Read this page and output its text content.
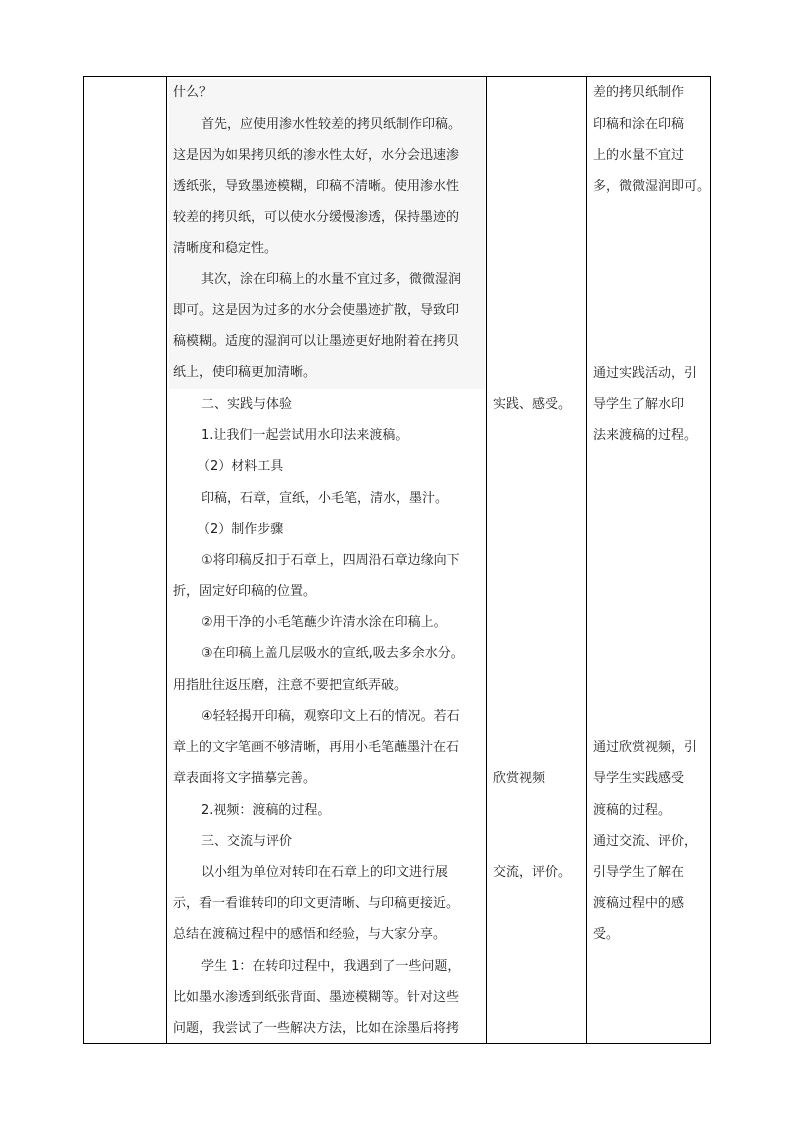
什么？
首先，应使用渗水性较差的拷贝纸制作印稿。
这是因为如果拷贝纸的渗水性太好，水分会迅速渗
透纸张，导致墨迹模糊，印稿不清晰。使用渗水性
较差的拷贝纸，可以使水分缓慢渗透，保持墨迹的
清晰度和稳定性。
其次，涂在印稿上的水量不宜过多，微微湿润
即可。这是因为过多的水分会使墨迹扩散，导致印
稿模糊。适度的湿润可以让墨迹更好地附着在拷贝
纸上，使印稿更加清晰。
二、实践与体验
1.让我们一起尝试用水印法来渡稿。
（2）材料工具
印稿，石章，宣纸，小毛笔，清水，墨汁。
（2）制作步骤
①将印稿反扣于石章上，四周沿石章边缘向下
折，固定好印稿的位置。
②用干净的小毛笔蘸少许清水涂在印稿上。
③在印稿上盖几层吸水的宣纸,吸去多余水分。
用指肚往返压磨，注意不要把宣纸弄破。
④轻轻揭开印稿，观察印文上石的情况。若石
章上的文字笔画不够清晰，再用小毛笔蘸墨汁在石
章表面将文字描摹完善。
2.视频：渡稿的过程。
三、交流与评价
以小组为单位对转印在石章上的印文进行展
示，看一看谁转印的印文更清晰、与印稿更接近。
总结在渡稿过程中的感悟和经验，与大家分享。
学生 1：在转印过程中，我遇到了一些问题，
比如墨水渗透到纸张背面、墨迹模糊等。针对这些
问题，我尝试了一些解决方法，比如在涂墨后将拷
实践、感受。
欣赏视频
交流，评价。
差的拷贝纸制作
印稿和涂在印稿
上的水量不宜过
多，微微湿润即可。
通过实践活动，引
导学生了解水印
法来渡稿的过程。
通过欣赏视频，引
导学生实践感受
渡稿的过程。
通过交流、评价，
引导学生了解在
渡稿过程中的感
受。
